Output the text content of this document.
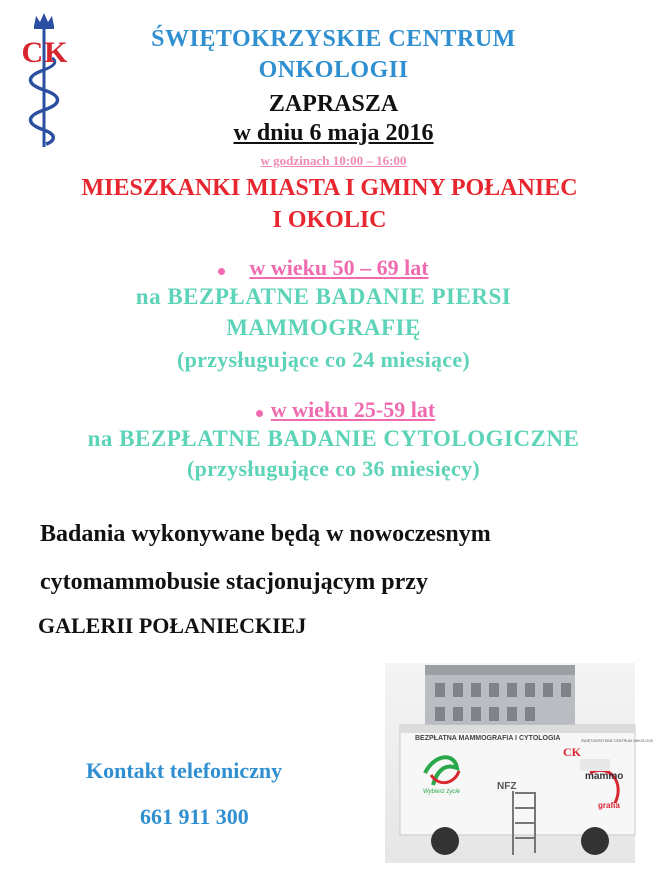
CK	ŚWIĘTOKRZYSKIE CENTRUM
ONKOLOGII
ZAPRASZA
w dniu 6 maja 2016
w godzinach 10:00 – 16:00
MIESZKANKI MIASTA I GMINY POŁANIEC
I OKOLIC
w wieku 50 – 69 lat
na BEZPŁATNE BADANIE PIERSI
MAMMOGRAFIĘ
(przysługujące co 24 miesiące)
w wieku 25-59 lat
na BEZPŁATNE BADANIE CYTOLOGICZNE
(przysługujące co 36 miesięcy)
Badania wykonywane będą w nowoczesnym
cytomammobusie stacjonującym przy
GALERII POŁANIECKIEJ
Kontakt telefoniczny
661 911 300
BEZPŁATNA MAMMOGRAFIA I CYTOLOGIA
CK
ŚWIĘTOKRZYSKIE CENTRUM ONKOLOGII
Wybierz życie	NFZ
mammo
grafia
